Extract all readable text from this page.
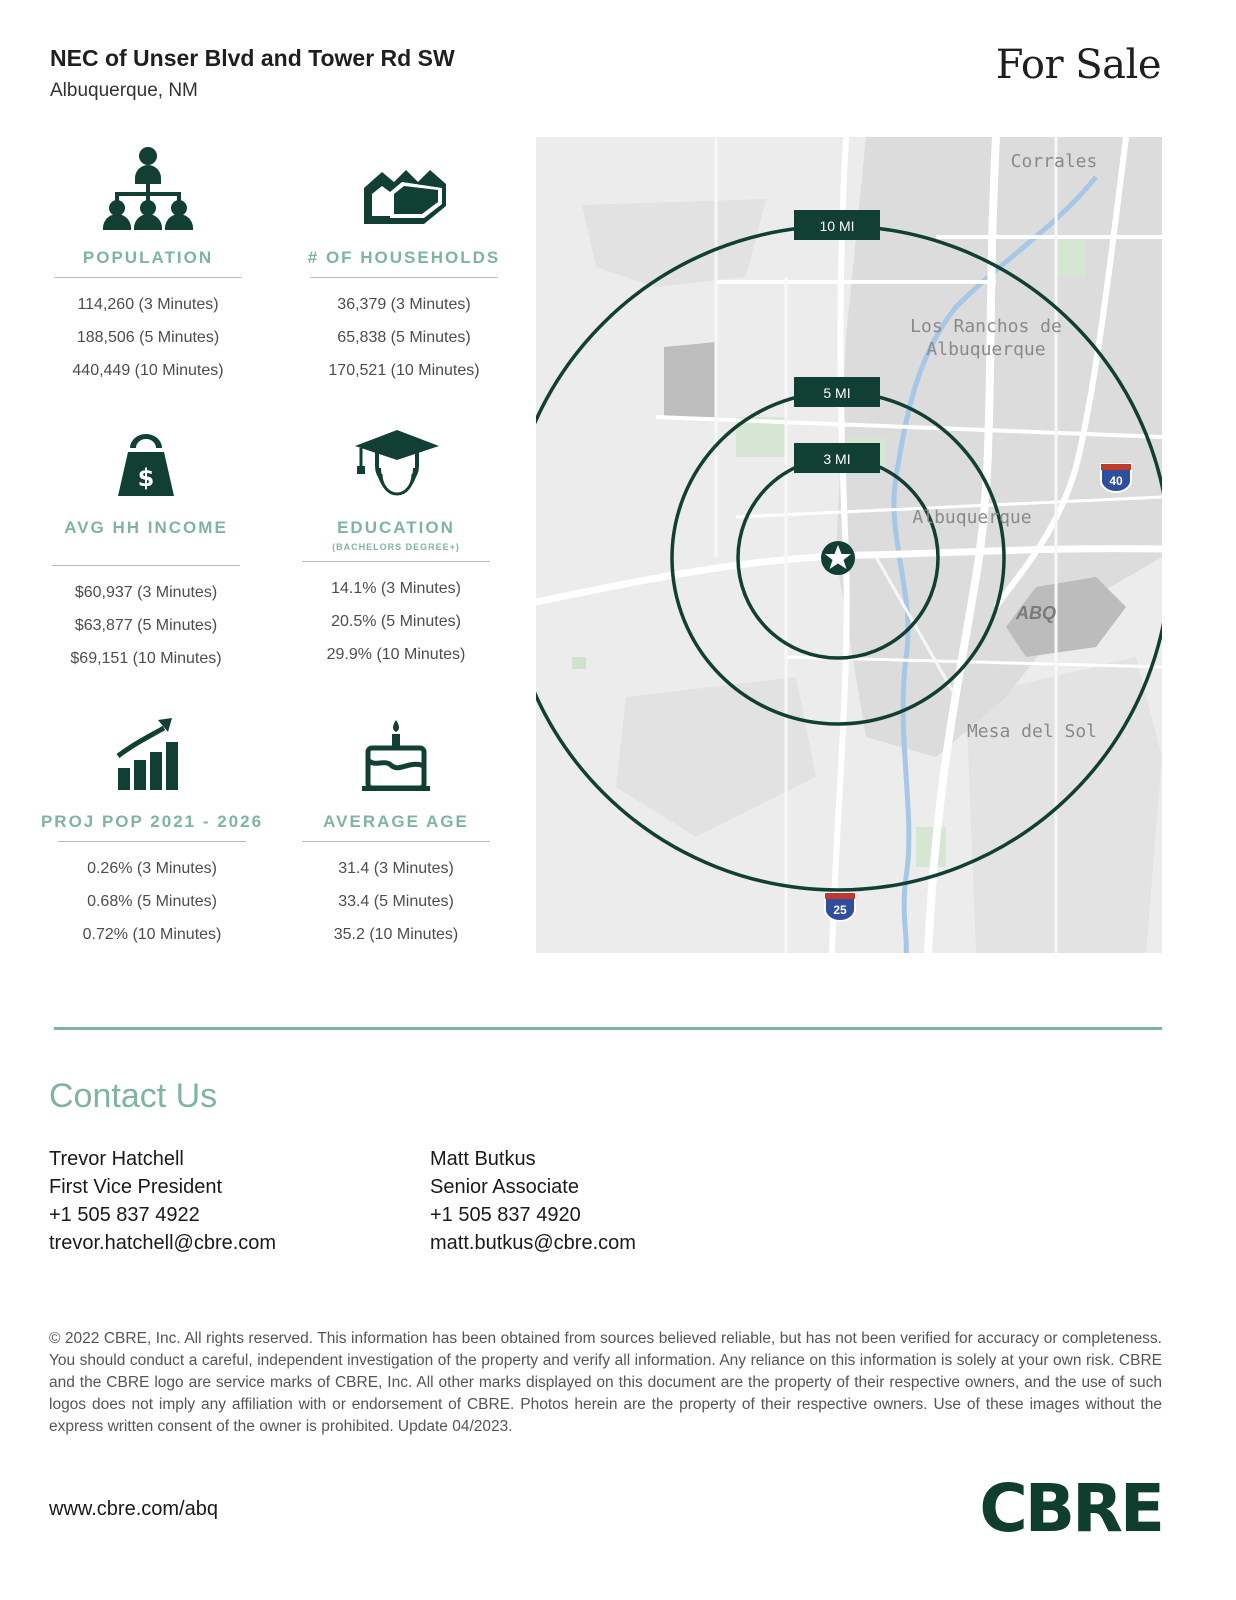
NEC of Unser Blvd and Tower Rd SW
Albuquerque, NM
For Sale
POPULATION
114,260 (3 Minutes)
188,506 (5 Minutes)
440,449 (10 Minutes)
# OF HOUSEHOLDS
36,379 (3 Minutes)
65,838 (5 Minutes)
170,521 (10 Minutes)
$
AVG HH INCOME
$60,937 (3 Minutes)
$63,877 (5 Minutes)
$69,151 (10 Minutes)
EDUCATION
(BACHELORS DEGREE+)
14.1% (3 Minutes)
20.5% (5 Minutes)
29.9% (10 Minutes)
PROJ POP 2021 - 2026
0.26% (3 Minutes)
0.68% (5 Minutes)
0.72% (10 Minutes)
AVERAGE AGE
31.4 (3 Minutes)
33.4 (5 Minutes)
35.2 (10 Minutes)
10 MI
5 MI
3 MI
Corrales
Los Ranchos de
Albuquerque
Albuquerque
ABQ
Mesa del Sol
40
25
Contact Us
Trevor Hatchell
First Vice President
+1 505 837 4922
trevor.hatchell@cbre.com
Matt Butkus
Senior Associate
+1 505 837 4920
matt.butkus@cbre.com
© 2022 CBRE, Inc. All rights reserved. This information has been obtained from sources believed reliable, but has not been verified for accuracy or completeness. You should conduct a careful, independent investigation of the property and verify all information. Any reliance on this information is solely at your own risk. CBRE and the CBRE logo are service marks of CBRE, Inc. All other marks displayed on this document are the property of their respective owners, and the use of such logos does not imply any affiliation with or endorsement of CBRE. Photos herein are the property of their respective owners. Use of these images without the express written consent of the owner is prohibited. Update 04/2023.
www.cbre.com/abq	CBRE
